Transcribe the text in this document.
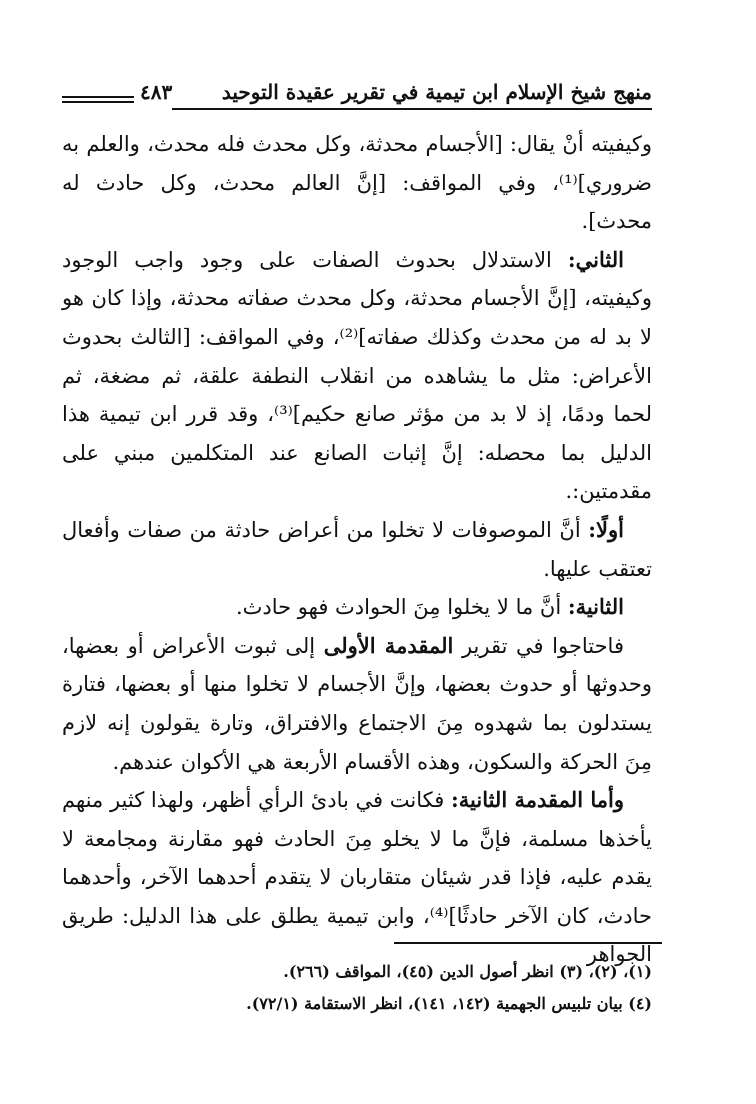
منهج شيخ الإسلام ابن تيمية في تقرير عقيدة التوحيد
٤٨٣

وكيفيته أنْ يقال: [الأجسام محدثة، وكل محدث فله محدث، والعلم به ضروري]⁽¹⁾، وفي المواقف: [إنَّ العالم محدث، وكل حادث له محدث].

الثاني: الاستدلال بحدوث الصفات على وجود واجب الوجود وكيفيته، [إنَّ الأجسام محدثة، وكل محدث صفاته محدثة، وإذا كان هو لا بد له من محدث وكذلك صفاته]⁽²⁾، وفي المواقف: [الثالث بحدوث الأعراض: مثل ما يشاهده من انقلاب النطفة علقة، ثم مضغة، ثم لحما ودمًا، إذ لا بد من مؤثر صانع حكيم]⁽³⁾، وقد قرر ابن تيمية هذا الدليل بما محصله: إنَّ إثبات الصانع عند المتكلمين مبني على مقدمتين:.

أولًا: أنَّ الموصوفات لا تخلوا من أعراض حادثة من صفات وأفعال تعتقب عليها.

الثانية: أنَّ ما لا يخلوا مِنَ الحوادث فهو حادث.

فاحتاجوا في تقرير المقدمة الأولى إلى ثبوت الأعراض أو بعضها، وحدوثها أو حدوث بعضها، وإنَّ الأجسام لا تخلوا منها أو بعضها، فتارة يستدلون بما شهدوه مِنَ الاجتماع والافتراق، وتارة يقولون إنه لازم مِنَ الحركة والسكون، وهذه الأقسام الأربعة هي الأكوان عندهم.

وأما المقدمة الثانية: فكانت في بادئ الرأي أظهر، ولهذا كثير منهم يأخذها مسلمة، فإنَّ ما لا يخلو مِنَ الحادث فهو مقارنة ومجامعة لا يقدم عليه، فإذا قدر شيئان متقاربان لا يتقدم أحدهما الآخر، وأحدهما حادث، كان الآخر حادثًا]⁽⁴⁾، وابن تيمية يطلق على هذا الدليل: طريق الجواهر

(١)، (٢)، (٣) انظر أصول الدين (٤٥)، المواقف (٢٦٦).

(٤) بيان تلبيس الجهمية (١٤٢، ١٤١)، انظر الاستقامة (٧٢/١).
